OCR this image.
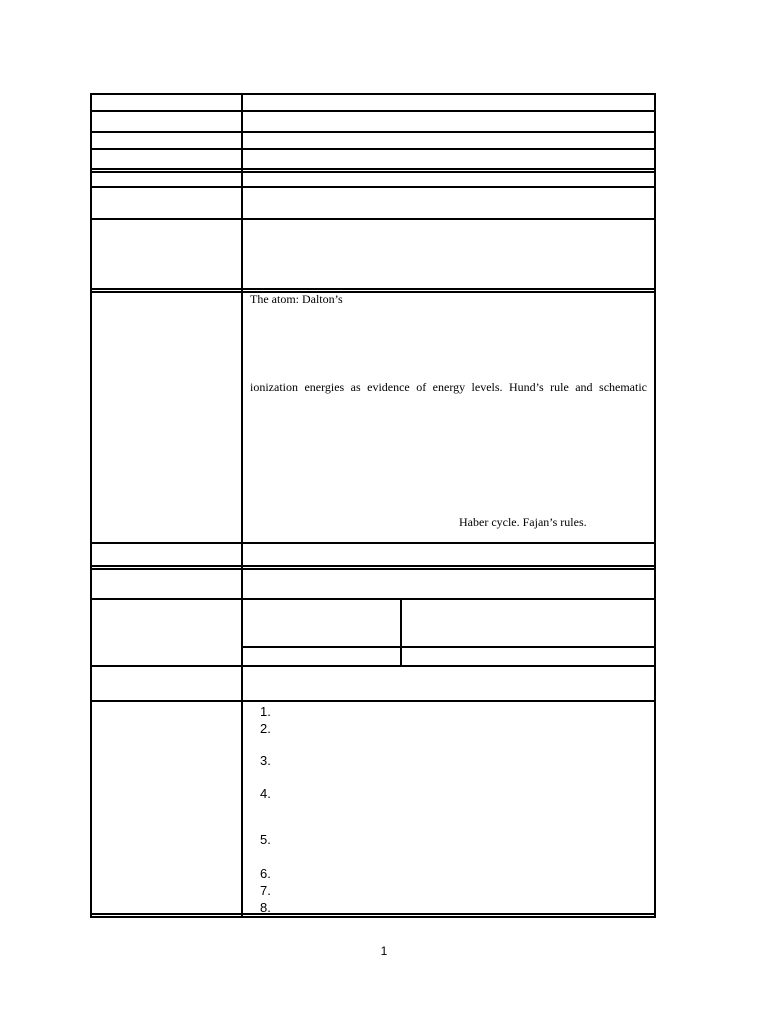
The atom: Dalton’s
ionization energies as evidence of energy levels. Hund’s rule and schematic
Haber cycle. Fajan’s rules.
1.
2.
3.
4.
5.
6.
7.
8.
1
